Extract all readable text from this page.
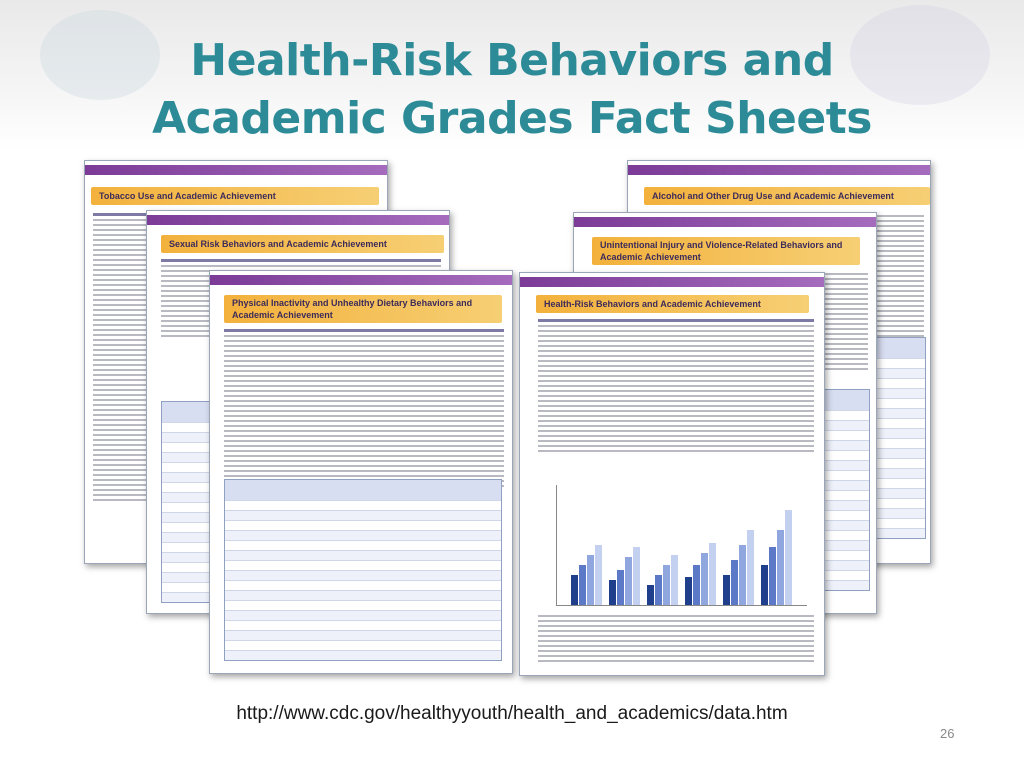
Health-Risk Behaviors and
Academic Grades Fact Sheets
Tobacco Use and Academic Achievement	Alcohol and Other Drug Use and Academic Achievement
Sexual Risk Behaviors and Academic Achievement	Unintentional Injury and Violence-Related Behaviors and Academic Achievement
Physical Inactivity and Unhealthy Dietary Behaviors and Academic Achievement
Health-Risk Behaviors and Academic Achievement
http://www.cdc.gov/healthyyouth/health_and_academics/data.htm
26
